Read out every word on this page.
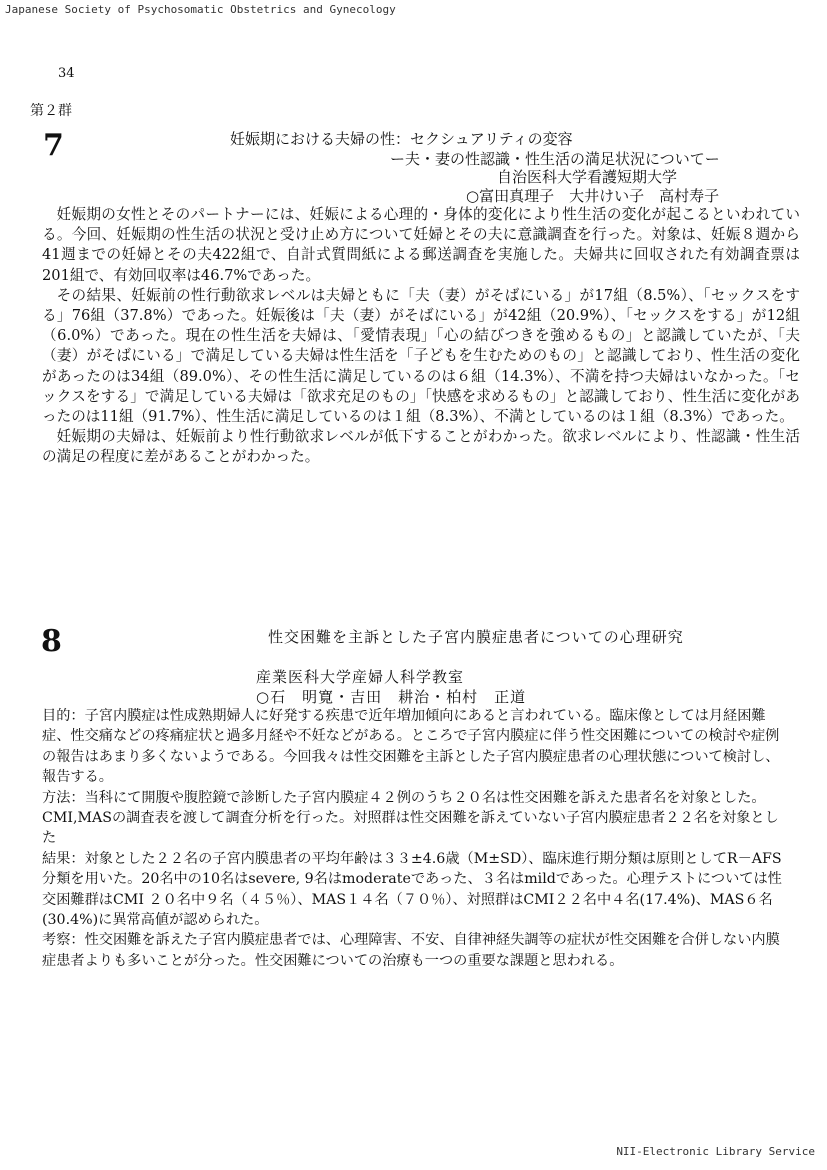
Japanese Society of Psychosomatic Obstetrics and Gynecology
34
第２群
7	妊娠期における夫婦の性：セクシュアリティの変容
ー夫・妻の性認識・性生活の満足状況についてー
自治医科大学看護短期大学
○富田真理子　大井けい子　高村寿子

妊娠期の女性とそのパートナーには、妊娠による心理的・身体的変化により性生活の変化が起こるといわれている。今回、妊娠期の性生活の状況と受け止め方について妊婦とその夫に意識調査を行った。対象は、妊娠８週から41週までの妊婦とその夫422組で、自計式質問紙による郵送調査を実施した。夫婦共に回収された有効調査票は201組で、有効回収率は46.7%であった。

その結果、妊娠前の性行動欲求レベルは夫婦ともに「夫（妻）がそばにいる」が17組（8.5%）、「セックスをする」76組（37.8%）であった。妊娠後は「夫（妻）がそばにいる」が42組（20.9%）、「セックスをする」が12組（6.0%）であった。現在の性生活を夫婦は、「愛情表現」「心の結びつきを強めるもの」と認識していたが、「夫（妻）がそばにいる」で満足している夫婦は性生活を「子どもを生むためのもの」と認識しており、性生活の変化があったのは34組（89.0%）、その性生活に満足しているのは６組（14.3%）、不満を持つ夫婦はいなかった。「セックスをする」で満足している夫婦は「欲求充足のもの」「快感を求めるもの」と認識しており、性生活に変化があったのは11組（91.7%）、性生活に満足しているのは１組（8.3%）、不満としているのは１組（8.3%）であった。

妊娠期の夫婦は、妊娠前より性行動欲求レベルが低下することがわかった。欲求レベルにより、性認識・性生活の満足の程度に差があることがわかった。

8	性交困難を主訴とした子宮内膜症患者についての心理研究
産業医科大学産婦人科学教室
○石　明寛・吉田　耕治・柏村　正道

目的：子宮内膜症は性成熟期婦人に好発する疾患で近年増加傾向にあると言われている。臨床像としては月経困難症、性交痛などの疼痛症状と過多月経や不妊などがある。ところで子宮内膜症に伴う性交困難についての検討や症例の報告はあまり多くないようである。今回我々は性交困難を主訴とした子宮内膜症患者の心理状態について検討し、報告する。

方法：当科にて開腹や腹腔鏡で診断した子宮内膜症４２例のうち２０名は性交困難を訴えた患者名を対象とした。CMI,MASの調査表を渡して調査分析を行った。対照群は性交困難を訴えていない子宮内膜症患者２２名を対象とした

結果：対象とした２２名の子宮内膜患者の平均年齢は３３±4.6歳（M±SD）、臨床進行期分類は原則としてR－AFS分類を用いた。20名中の10名はsevere, 9名はmoderateであった、３名はmildであった。心理テストについては性交困難群はCMI ２０名中９名（４５％）、MAS１４名（７０％）、対照群はCMI２２名中４名(17.4%)、MAS６名(30.4%)に異常高値が認められた。

考察：性交困難を訴えた子宮内膜症患者では、心理障害、不安、自律神経失調等の症状が性交困難を合併しない内膜症患者よりも多いことが分った。性交困難についての治療も一つの重要な課題と思われる。

NII-Electronic Library Service
